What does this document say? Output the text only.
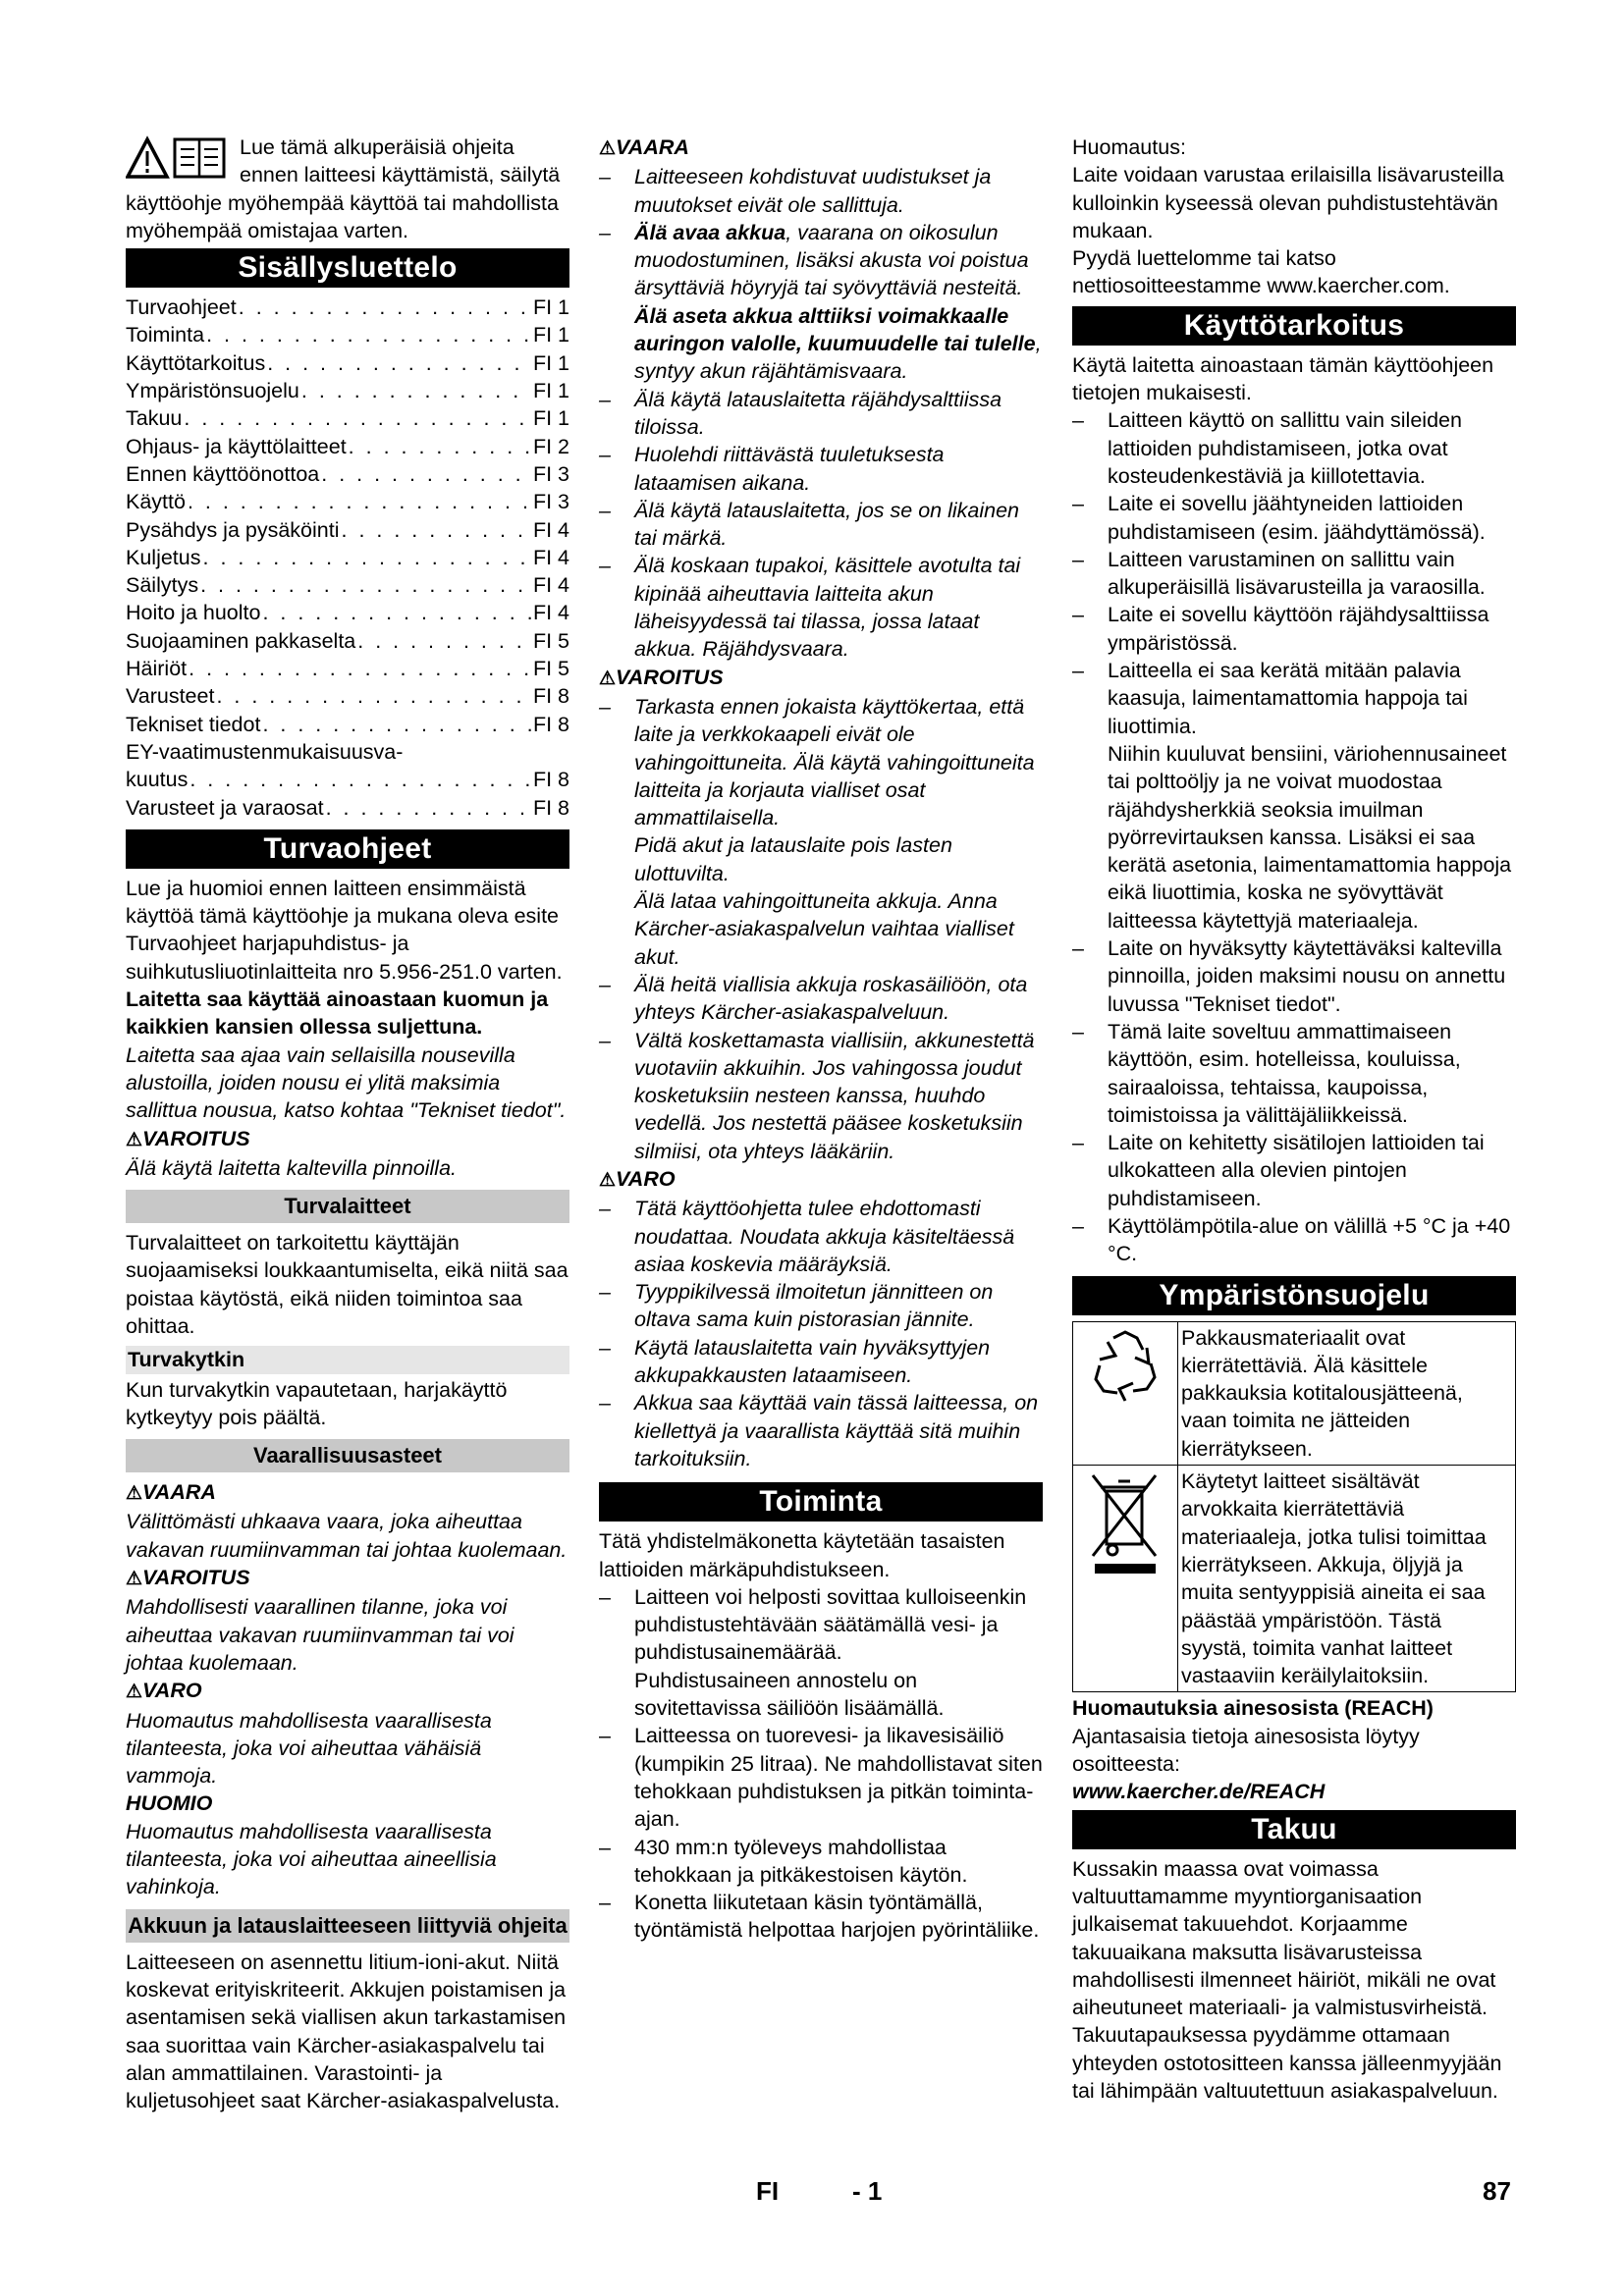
Lue tämä alkuperäisiä ohjeita ennen laitteesi käyttämistä, säilytä käyttöohje myöhempää käyttöä tai mahdollista myöhempää omistajaa varten.

Sisällysluettelo
Turvaohjeet . . .	FI 1
Toiminta . . .	FI 1
Käyttötarkoitus . . .	FI 1
Ympäristönsuojelu . . .	FI 1
Takuu . . .	FI 1
Ohjaus- ja käyttölaitteet . . .	FI 2
Ennen käyttöönottoa . . .	FI 3
Käyttö . . .	FI 3
Pysähdys ja pysäköinti . . .	FI 4
Kuljetus . . .	FI 4
Säilytys . . .	FI 4
Hoito ja huolto . . .	FI 4
Suojaaminen pakkaselta . . .	FI 5
Häiriöt . . .	FI 5
Varusteet . . .	FI 8
Tekniset tiedot . . .	FI 8
EY-vaatimustenmukaisuusva-
kuutus . . .	FI 8
Varusteet ja varaosat . . .	FI 8
Turvaohjeet

Lue ja huomioi ennen laitteen ensimmäistä käyttöä tämä käyttöohje ja mukana oleva esite Turvaohjeet harjapuhdistus- ja suihkutusliuotinlaitteita nro 5.956-251.0 varten.

Laitetta saa käyttää ainoastaan kuomun ja kaikkien kansien ollessa suljettuna.

Laitetta saa ajaa vain sellaisilla nousevilla alustoilla, joiden nousu ei ylitä maksimia sallittua nousua, katso kohtaa "Tekniset tiedot".

⚠VAROITUS

Älä käytä laitetta kaltevilla pinnoilla.

Turvalaitteet

Turvalaitteet on tarkoitettu käyttäjän suojaamiseksi loukkaantumiselta, eikä niitä saa poistaa käytöstä, eikä niiden toimintoa saa ohittaa.

Turvakytkin

Kun turvakytkin vapautetaan, harjakäyttö kytkeytyy pois päältä.

Vaarallisuusasteet

⚠VAARA

Välittömästi uhkaava vaara, joka aiheuttaa vakavan ruumiinvamman tai johtaa kuolemaan.

⚠VAROITUS

Mahdollisesti vaarallinen tilanne, joka voi aiheuttaa vakavan ruumiinvamman tai voi johtaa kuolemaan.

⚠VARO

Huomautus mahdollisesta vaarallisesta tilanteesta, joka voi aiheuttaa vähäisiä vammoja.

HUOMIO

Huomautus mahdollisesta vaarallisesta tilanteesta, joka voi aiheuttaa aineellisia vahinkoja.

Akkuun ja latauslaitteeseen liittyviä ohjeita

Laitteeseen on asennettu litium-ioni-akut. Niitä koskevat erityiskriteerit. Akkujen poistamisen ja asentamisen sekä viallisen akun tarkastamisen saa suorittaa vain Kärcher-asiakaspalvelu tai alan ammattilainen. Varastointi- ja kuljetusohjeet saat Kärcher-asiakaspalvelusta.

⚠VAARA

– Laitteeseen kohdistuvat uudistukset ja muutokset eivät ole sallittuja.
– Älä avaa akkua, vaarana on oikosulun muodostuminen, lisäksi akusta voi poistua ärsyttäviä höyryjä tai syövyttäviä nesteitä.
Älä aseta akkua alttiiksi voimakkaalle auringon valolle, kuumuudelle tai tulelle, syntyy akun räjähtämisvaara.
– Älä käytä latauslaitetta räjähdysalttiissa tiloissa.
– Huolehdi riittävästä tuuletuksesta lataamisen aikana.
– Älä käytä latauslaitetta, jos se on likainen tai märkä.
– Älä koskaan tupakoi, käsittele avotulta tai kipinää aiheuttavia laitteita akun läheisyydessä tai tilassa, jossa lataat akkua. Räjähdysvaara.

⚠VAROITUS

– Tarkasta ennen jokaista käyttökertaa, että laite ja verkkokaapeli eivät ole vahingoittuneita. Älä käytä vahingoittuneita laitteita ja korjauta vialliset osat ammattilaisella.
Pidä akut ja latauslaite pois lasten ulottuvilta.
Älä lataa vahingoittuneita akkuja. Anna Kärcher-asiakaspalvelun vaihtaa vialliset akut.
– Älä heitä viallisia akkuja roskasäiliöön, ota yhteys Kärcher-asiakaspalveluun.
– Vältä koskettamasta viallisiin, akkunestettä vuotaviin akkuihin. Jos vahingossa joudut kosketuksiin nesteen kanssa, huuhdo vedellä. Jos nestettä pääsee kosketuksiin silmiisi, ota yhteys lääkäriin.

⚠VARO

– Tätä käyttöohjetta tulee ehdottomasti noudattaa. Noudata akkuja käsiteltäessä asiaa koskevia määräyksiä.
– Tyyppikilvessä ilmoitetun jännitteen on oltava sama kuin pistorasian jännite.
– Käytä latauslaitetta vain hyväksyttyjen akkupakkausten lataamiseen.
– Akkua saa käyttää vain tässä laitteessa, on kiellettyä ja vaarallista käyttää sitä muihin tarkoituksiin.
Toiminta

Tätä yhdistelmäkonetta käytetään tasaisten lattioiden märkäpuhdistukseen.

– Laitteen voi helposti sovittaa kulloiseenkin puhdistustehtävään säätämällä vesi- ja puhdistusainemäärää.
Puhdistusaineen annostelu on sovitettavissa säiliöön lisäämällä.
– Laitteessa on tuorevesi- ja likavesisäiliö (kumpikin 25 litraa). Ne mahdollistavat siten tehokkaan puhdistuksen ja pitkän toiminta-ajan.
– 430 mm:n työleveys mahdollistaa tehokkaan ja pitkäkestoisen käytön.
– Konetta liikutetaan käsin työntämällä, työntämistä helpottaa harjojen pyörintäliike.

Huomautus:

Laite voidaan varustaa erilaisilla lisävarusteilla kulloinkin kyseessä olevan puhdistustehtävän mukaan.

Pyydä luettelomme tai katso nettiosoitteestamme www.kaercher.com.

Käyttötarkoitus

Käytä laitetta ainoastaan tämän käyttöohjeen tietojen mukaisesti.

– Laitteen käyttö on sallittu vain sileiden lattioiden puhdistamiseen, jotka ovat kosteudenkestäviä ja kiillotettavia.
– Laite ei sovellu jäähtyneiden lattioiden puhdistamiseen (esim. jäähdyttämössä).
– Laitteen varustaminen on sallittu vain alkuperäisillä lisävarusteilla ja varaosilla.
– Laite ei sovellu käyttöön räjähdysalttiissa ympäristössä.
– Laitteella ei saa kerätä mitään palavia kaasuja, laimentamattomia happoja tai liuottimia.
Niihin kuuluvat bensiini, väriohennusaineet tai polttoöljy ja ne voivat muodostaa räjähdysherkkiä seoksia imuilman pyörrevirtauksen kanssa. Lisäksi ei saa kerätä asetonia, laimentamattomia happoja eikä liuottimia, koska ne syövyttävät laitteessa käytettyjä materiaaleja.
– Laite on hyväksytty käytettäväksi kaltevilla pinnoilla, joiden maksimi nousu on annettu luvussa "Tekniset tiedot".
– Tämä laite soveltuu ammattimaiseen käyttöön, esim. hotelleissa, kouluissa, sairaaloissa, tehtaissa, kaupoissa, toimistoissa ja välittäjäliikkeissä.
– Laite on kehitetty sisätilojen lattioiden tai ulkokatteen alla olevien pintojen puhdistamiseen.
– Käyttölämpötila-alue on välillä +5 °C ja +40 °C.
Ympäristönsuojelu
	Pakkausmateriaalit ovat kierrätettäviä. Älä käsittele pakkauksia kotitalousjätteenä, vaan toimita ne jätteiden kierrätykseen.
	Käytetyt laitteet sisältävät arvokkaita kierrätettäviä materiaaleja, jotka tulisi toimittaa kierrätykseen. Akkuja, öljyjä ja muita sentyyppisiä aineita ei saa päästää ympäristöön. Tästä syystä, toimita vanhat laitteet vastaaviin keräilylaitoksiin.

Huomautuksia ainesosista (REACH)

Ajantasaisia tietoja ainesosista löytyy osoitteesta:

www.kaercher.de/REACH

Takuu

Kussakin maassa ovat voimassa valtuuttamamme myyntiorganisaation julkaisemat takuuehdot. Korjaamme takuuaikana maksutta lisävarusteissa mahdollisesti ilmenneet häiriöt, mikäli ne ovat aiheutuneet materiaali- ja valmistusvirheistä. Takuutapauksessa pyydämme ottamaan yhteyden ostotositteen kanssa jälleenmyyjään tai lähimpään valtuutettuun asiakaspalveluun.

FI	- 1	87
